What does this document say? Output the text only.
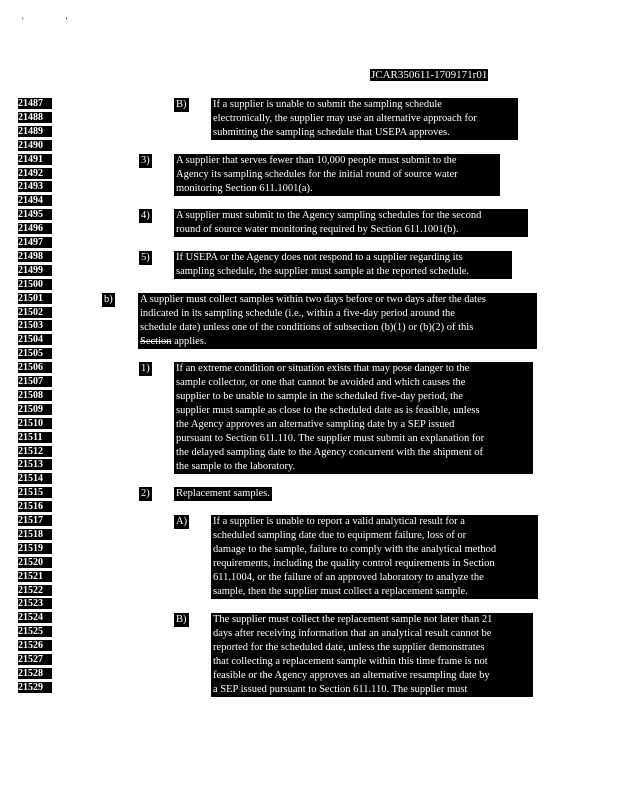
' '
JCAR350611-1709171r01
21487
21488
21489
21490
21491
21492
21493
21494
21495
21496
21497
21498
21499
21500
21501
21502
21503
21504
21505
21506
21507
21508
21509
21510
21511
21512
21513
21514
21515
21516
21517
21518
21519
21520
21521
21522
21523
21524
21525
21526
21527
21528
21529
B)	If a supplier is unable to submit the sampling schedule
electronically, the supplier may use an alternative approach for
submitting the sampling schedule that USEPA approves.
3)	A supplier that serves fewer than 10,000 people must submit to the
Agency its sampling schedules for the initial round of source water
monitoring Section 611.1001(a).
4)	A supplier must submit to the Agency sampling schedules for the second
round of source water monitoring required by Section 611.1001(b).
5)	If USEPA or the Agency does not respond to a supplier regarding its
sampling schedule, the supplier must sample at the reported schedule.
b)	A supplier must collect samples within two days before or two days after the dates
indicated in its sampling schedule (i.e., within a five-day period around the
schedule date) unless one of the conditions of subsection (b)(1) or (b)(2) of this
Section applies.
1)	If an extreme condition or situation exists that may pose danger to the
sample collector, or one that cannot be avoided and which causes the
supplier to be unable to sample in the scheduled five-day period, the
supplier must sample as close to the scheduled date as is feasible, unless
the Agency approves an alternative sampling date by a SEP issued
pursuant to Section 611.110. The supplier must submit an explanation for
the delayed sampling date to the Agency concurrent with the shipment of
the sample to the laboratory.
2)	Replacement samples.
A) If a supplier is unable to report a valid analytical result for a
scheduled sampling date due to equipment failure, loss of or
damage to the sample, failure to comply with the analytical method
requirements, including the quality control requirements in Section
611.1004, or the failure of an approved laboratory to analyze the
sample, then the supplier must collect a replacement sample.
B)	The supplier must collect the replacement sample not later than 21
days after receiving information that an analytical result cannot be
reported for the scheduled date, unless the supplier demonstrates
that collecting a replacement sample within this time frame is not
feasible or the Agency approves an alternative resampling date by
a SEP issued pursuant to Section 611.110. The supplier must
